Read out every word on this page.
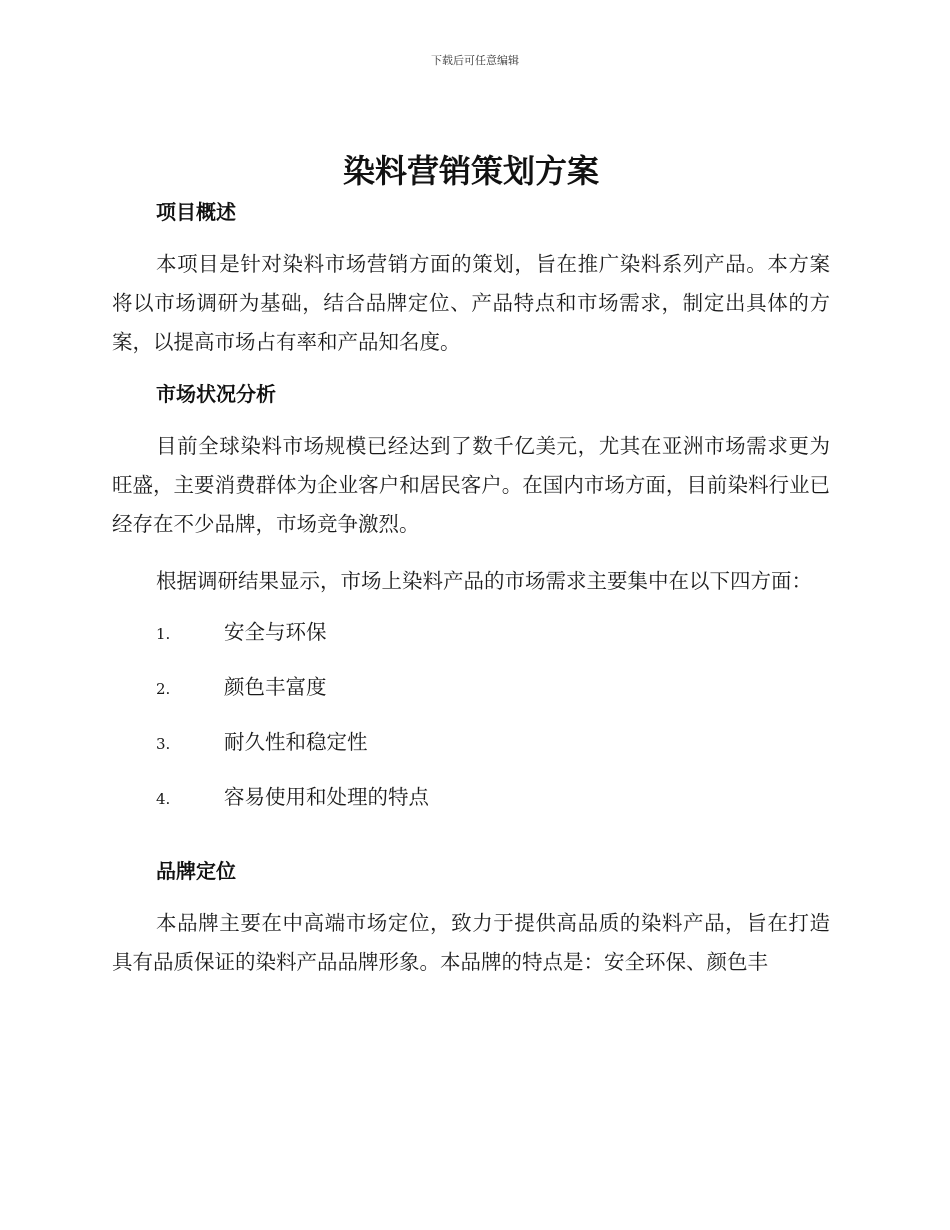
下载后可任意编辑
染料营销策划方案
项目概述

本项目是针对染料市场营销方面的策划，旨在推广染料系列产品。本方案将以市场调研为基础，结合品牌定位、产品特点和市场需求，制定出具体的方案，以提高市场占有率和产品知名度。

市场状况分析

目前全球染料市场规模已经达到了数千亿美元，尤其在亚洲市场需求更为旺盛，主要消费群体为企业客户和居民客户。在国内市场方面，目前染料行业已经存在不少品牌，市场竞争激烈。

根据调研结果显示，市场上染料产品的市场需求主要集中在以下四方面：

1.	安全与环保
2.	颜色丰富度
3.	耐久性和稳定性
4.	容易使用和处理的特点
品牌定位

本品牌主要在中高端市场定位，致力于提供高品质的染料产品，旨在打造具有品质保证的染料产品品牌形象。本品牌的特点是：安全环保、颜色丰
